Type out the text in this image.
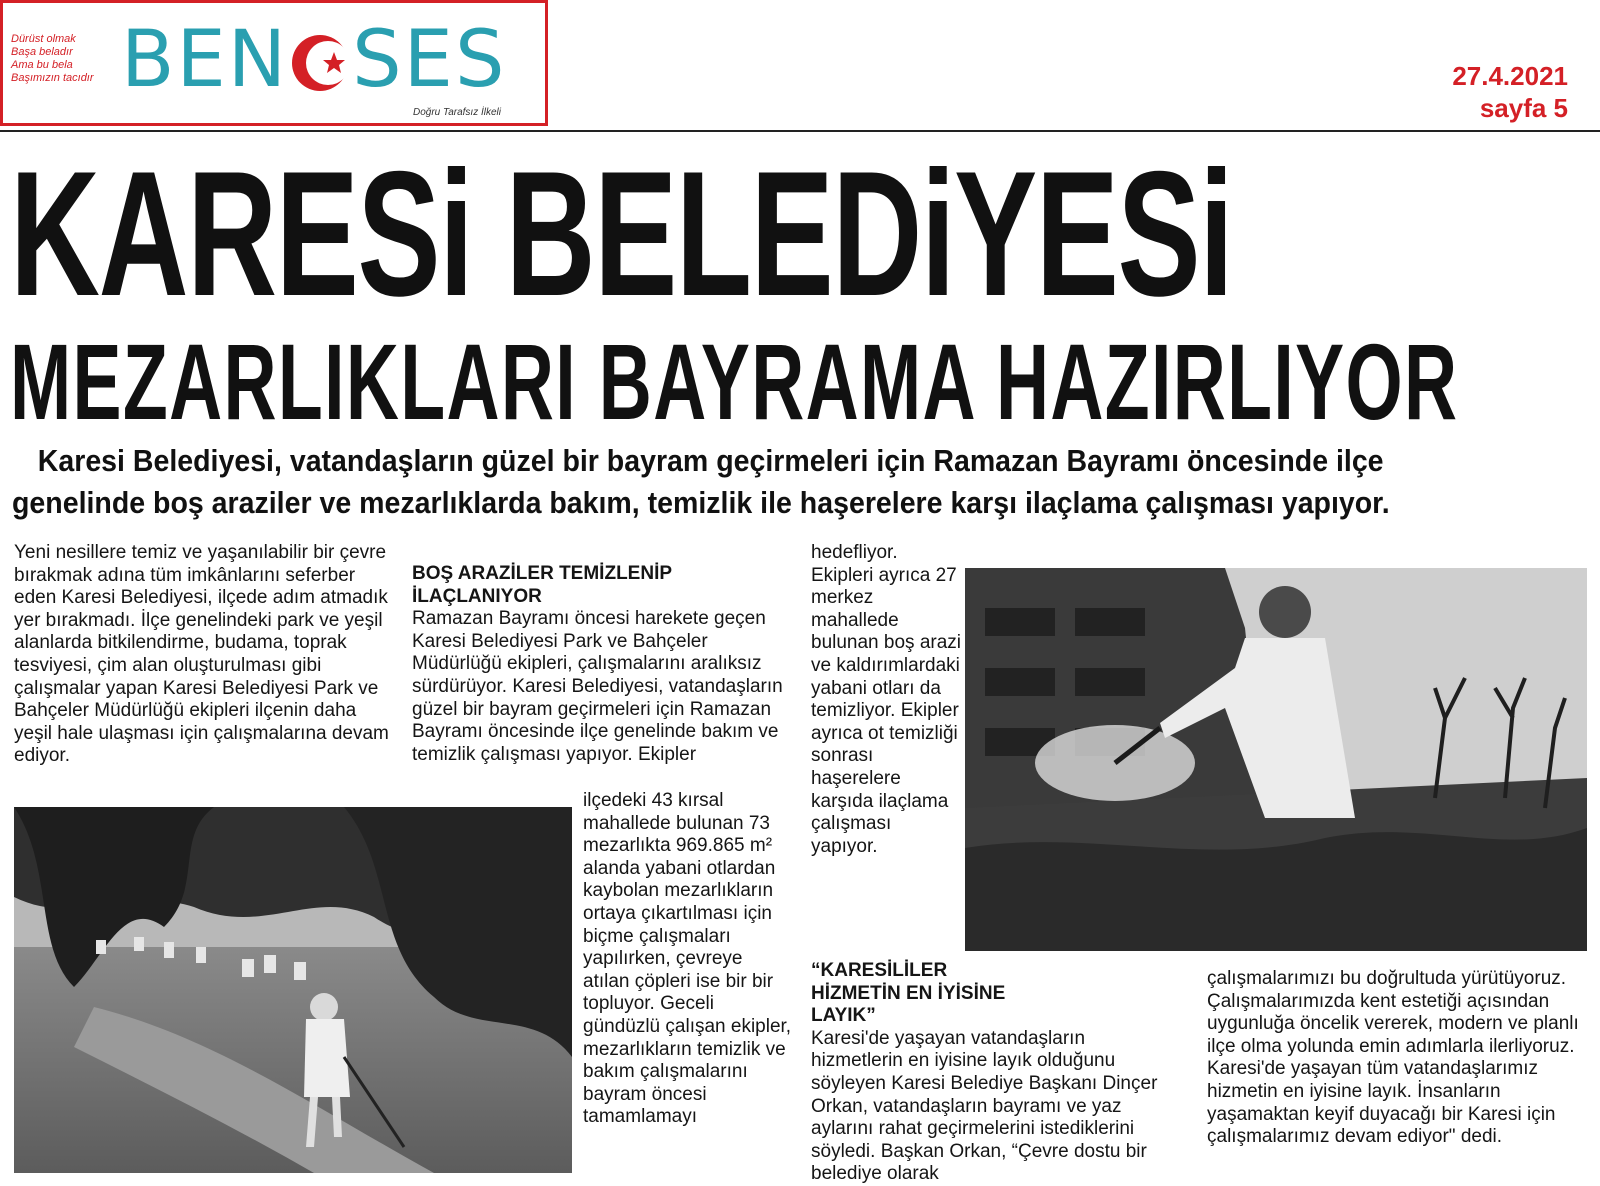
Dürüst olmak
Başa beladır
Ama bu bela
Başımızın tacıdır BEN SES
Doğru Tarafsız İlkeli
27.4.2021
sayfa 5
KARESi BELEDiYESi
MEZARLIKLARI BAYRAMA HAZIRLIYOR
Karesi Belediyesi, vatandaşların güzel bir bayram geçirmeleri için Ramazan Bayramı öncesinde ilçe
genelinde boş araziler ve mezarlıklarda bakım, temizlik ile haşerelere karşı ilaçlama çalışması yapıyor.

Yeni nesillere temiz ve yaşanılabilir bir çevre bırakmak adına tüm imkânlarını seferber eden Karesi Belediyesi, ilçede adım atmadık yer bırakmadı. İlçe genelindeki park ve yeşil alanlarda bitkilendirme, budama, toprak tesviyesi, çim alan oluşturulması gibi çalışmalar yapan Karesi Belediyesi Park ve Bahçeler Müdürlüğü ekipleri ilçenin daha yeşil hale ulaşması için çalışmalarına devam ediyor.

BOŞ ARAZİLER TEMİZLENİP İLAÇLANIYOR

Ramazan Bayramı öncesi harekete geçen Karesi Belediyesi Park ve Bahçeler Müdürlüğü ekipleri, çalışmalarını aralıksız sürdürüyor. Karesi Belediyesi, vatandaşların güzel bir bayram geçirmeleri için Ramazan Bayramı öncesinde ilçe genelinde bakım ve temizlik çalışması yapıyor. Ekipler

ilçedeki 43 kırsal mahallede bulunan 73 mezarlıkta 969.865 m² alanda yabani otlardan kaybolan mezarlıkların ortaya çıkartılması için biçme çalışmaları yapılırken, çevreye atılan çöpleri ise bir bir topluyor. Geceli gündüzlü çalışan ekipler, mezarlıkların temizlik ve bakım çalışmalarını bayram öncesi tamamlamayı

hedefliyor. Ekipleri ayrıca 27 merkez mahallede bulunan boş arazi ve kaldırımlardaki yabani otları da temizliyor. Ekipler ayrıca ot temizliği sonrası haşerelere karşıda ilaçlama çalışması yapıyor.

“KARESİLİLER HİZMETİN EN İYİSİNE LAYIK”

Karesi'de yaşayan vatandaşların hizmetlerin en iyisine layık olduğunu söyleyen Karesi Belediye Başkanı Dinçer Orkan, vatandaşların bayramı ve yaz aylarını rahat geçirmelerini istediklerini söyledi. Başkan Orkan, “Çevre dostu bir belediye olarak

çalışmalarımızı bu doğrultuda yürütüyoruz. Çalışmalarımızda kent estetiği açısından uygunluğa öncelik vererek, modern ve planlı ilçe olma yolunda emin adımlarla ilerliyoruz. Karesi'de yaşayan tüm vatandaşlarımız hizmetin en iyisine layık. İnsanların yaşamaktan keyif duyacağı bir Karesi için çalışmalarımız devam ediyor" dedi.
